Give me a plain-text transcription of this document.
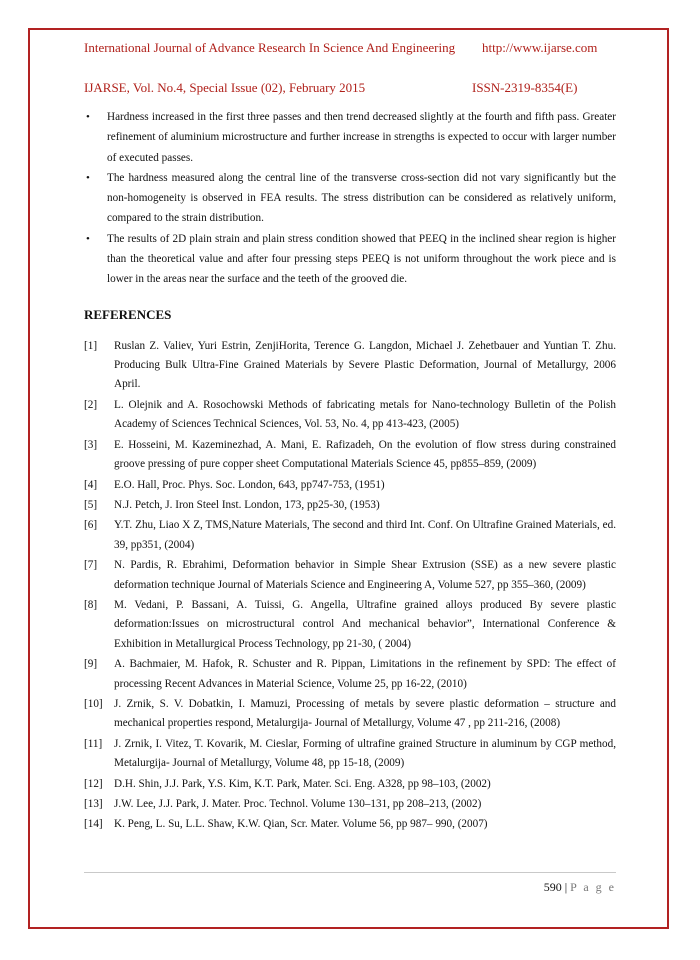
International Journal of Advance Research In Science And Engineering http://www.ijarse.com
IJARSE, Vol. No.4, Special Issue (02), February 2015	ISSN-2319-8354(E)
• Hardness increased in the first three passes and then trend decreased slightly at the fourth and fifth pass. Greater refinement of aluminium microstructure and further increase in strengths is expected to occur with larger number of executed passes.
• The hardness measured along the central line of the transverse cross-section did not vary significantly but the non-homogeneity is observed in FEA results. The stress distribution can be considered as relatively uniform, compared to the strain distribution.
• The results of 2D plain strain and plain stress condition showed that PEEQ in the inclined shear region is higher than the theoretical value and after four pressing steps PEEQ is not uniform throughout the work piece and is lower in the areas near the surface and the teeth of the grooved die.
REFERENCES
[1] Ruslan Z. Valiev, Yuri Estrin, ZenjiHorita, Terence G. Langdon, Michael J. Zehetbauer and Yuntian T. Zhu. Producing Bulk Ultra-Fine Grained Materials by Severe Plastic Deformation, Journal of Metallurgy, 2006 April.
[2] L. Olejnik and A. Rosochowski Methods of fabricating metals for Nano-technology Bulletin of the Polish Academy of Sciences Technical Sciences, Vol. 53, No. 4, pp 413-423, (2005)
[3] E. Hosseini, M. Kazeminezhad, A. Mani, E. Rafizadeh, On the evolution of flow stress during constrained groove pressing of pure copper sheet Computational Materials Science 45, pp855–859, (2009)
[4] E.O. Hall, Proc. Phys. Soc. London, 643, pp747-753, (1951)
[5] N.J. Petch, J. Iron Steel Inst. London, 173, pp25-30, (1953)
[6] Y.T. Zhu, Liao X Z, TMS,Nature Materials, The second and third Int. Conf. On Ultrafine Grained Materials, ed. 39, pp351, (2004)
[7] N. Pardis, R. Ebrahimi, Deformation behavior in Simple Shear Extrusion (SSE) as a new severe plastic deformation technique Journal of Materials Science and Engineering A, Volume 527, pp 355–360, (2009)
[8] M. Vedani, P. Bassani, A. Tuissi, G. Angella, Ultrafine grained alloys produced By severe plastic deformation:Issues on microstructural control And mechanical behavior”, International Conference & Exhibition in Metallurgical Process Technology, pp 21-30, ( 2004)
[9] A. Bachmaier, M. Hafok, R. Schuster and R. Pippan, Limitations in the refinement by SPD: The effect of processing Recent Advances in Material Science, Volume 25, pp 16-22, (2010)
[10] J. Zrnik, S. V. Dobatkin, I. Mamuzi, Processing of metals by severe plastic deformation – structure and mechanical properties respond, Metalurgija- Journal of Metallurgy, Volume 47 , pp 211-216, (2008)
[11] J. Zrnik, I. Vitez, T. Kovarik, M. Cieslar, Forming of ultrafine grained Structure in aluminum by CGP method, Metalurgija- Journal of Metallurgy, Volume 48, pp 15-18, (2009)
[12] D.H. Shin, J.J. Park, Y.S. Kim, K.T. Park, Mater. Sci. Eng. A328, pp 98–103, (2002)
[13] J.W. Lee, J.J. Park, J. Mater. Proc. Technol. Volume 130–131, pp 208–213, (2002)
[14] K. Peng, L. Su, L.L. Shaw, K.W. Qian, Scr. Mater. Volume 56, pp 987– 990, (2007)
590 | P a g e
